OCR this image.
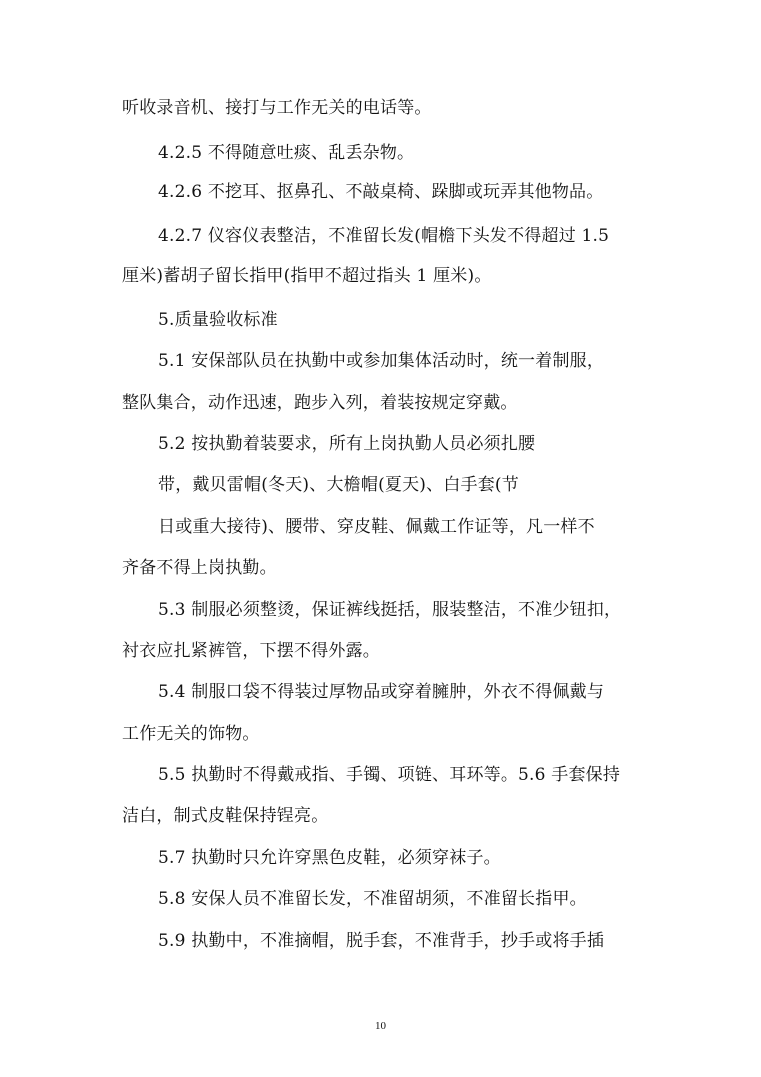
听收录音机、接打与工作无关的电话等。
4.2.5 不得随意吐痰、乱丢杂物。
4.2.6 不挖耳、抠鼻孔、不敲桌椅、跺脚或玩弄其他物品。
4.2.7 仪容仪表整洁，不准留长发(帽檐下头发不得超过 1.5
厘米)蓄胡子留长指甲(指甲不超过指头 1 厘米)。
5.质量验收标准
5.1 安保部队员在执勤中或参加集体活动时，统一着制服，
整队集合，动作迅速，跑步入列，着装按规定穿戴。
5.2 按执勤着装要求，所有上岗执勤人员必须扎腰
带，戴贝雷帽(冬天)、大檐帽(夏天)、白手套(节
日或重大接待)、腰带、穿皮鞋、佩戴工作证等，凡一样不
齐备不得上岗执勤。
5.3 制服必须整烫，保证裤线挺括，服装整洁，不准少钮扣，
衬衣应扎紧裤管，下摆不得外露。
5.4 制服口袋不得装过厚物品或穿着臃肿，外衣不得佩戴与
工作无关的饰物。
5.5 执勤时不得戴戒指、手镯、项链、耳环等。5.6 手套保持
洁白，制式皮鞋保持锃亮。
5.7 执勤时只允许穿黑色皮鞋，必须穿袜子。
5.8 安保人员不准留长发，不准留胡须，不准留长指甲。
5.9 执勤中，不准摘帽，脱手套，不准背手，抄手或将手插
10
